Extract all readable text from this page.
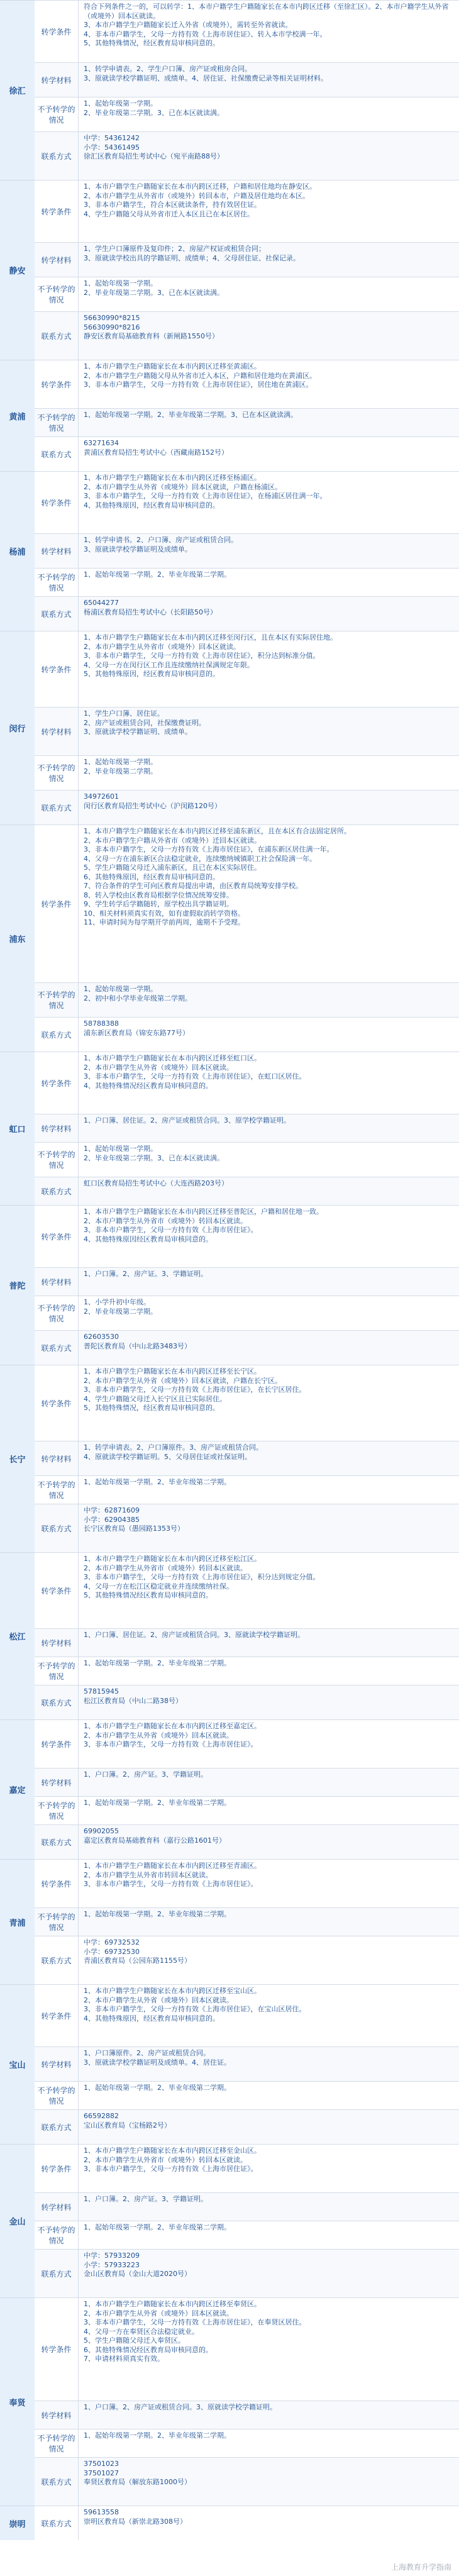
转学条件

符合下列条件之一的，可以转学：1、本市户籍学生户籍随家长在本市内跨区迁移（至徐汇区）。2、本市户籍学生从外省（或境外）回本区就读。

3、本市户籍学生户籍随家长迁入外省（或境外），需转至外省就读。

4、非本市户籍学生，父母一方持有效《上海市居住证》、转入本市学校满一年。

5、其他特殊情况，经区教育局审核同意的。

转学材料

1、转学申请表。2、学生户口簿、房产证或租房合同。

3、原就读学校学籍证明、成绩单。4、居住证、社保缴费记录等相关证明材料。

不予转学的情况

1、起始年级第一学期。

2、毕业年级第二学期。3、已在本区就读满。

联系方式

中学：54361242

小学：54361495

徐汇区教育局招生考试中心（宛平南路88号）

徐汇
转学条件

1、本市户籍学生户籍随家长在本市内跨区迁移，户籍和居住地均在静安区。

2、本市户籍学生从外省市（或境外）转回本市，户籍及居住地均在本区。

3、非本市户籍学生，符合本区就读条件，持有效居住证。

4、学生户籍随父母从外省市迁入本区且已在本区居住。

转学材料

1、学生户口簿原件及复印件；2、房屋产权证或租赁合同；

3、原就读学校出具的学籍证明、成绩单；4、父母居住证、社保记录。

不予转学的情况

1、起始年级第一学期。

2、毕业年级第二学期。3、已在本区就读满。

联系方式

56630990*8215

56630990*8216

静安区教育局基础教育科（新闸路1550号）

静安
转学条件

1、本市户籍学生户籍随家长在本市内跨区迁移至黄浦区。

2、本市户籍学生户籍随父母从外省市迁入本区，户籍和居住地均在黄浦区。

3、非本市户籍学生，父母一方持有效《上海市居住证》，居住地在黄浦区。

不予转学的情况

1、起始年级第一学期。2、毕业年级第二学期。3、已在本区就读满。

联系方式

63271634

黄浦区教育局招生考试中心（西藏南路152号）

黄浦
转学条件

1、本市户籍学生户籍随家长在本市内跨区迁移至杨浦区。

2、本市户籍学生从外省（或境外）回本区就读，户籍在杨浦区。

3、非本市户籍学生，父母一方持有效《上海市居住证》，在杨浦区居住满一年。

4、其他特殊原因，经区教育局审核同意的。

转学材料

1、转学申请书。2、户口簿、房产证或租赁合同。

3、原就读学校学籍证明及成绩单。

不予转学的情况

1、起始年级第一学期。2、毕业年级第二学期。

联系方式

65044277

杨浦区教育局招生考试中心（长阳路50号）

杨浦
转学条件

1、本市户籍学生户籍随家长在本市内跨区迁移至闵行区，且在本区有实际居住地。

2、本市户籍学生从外省市（或境外）回本区就读。

3、非本市户籍学生，父母一方持有效《上海市居住证》，积分达到标准分值。

4、父母一方在闵行区工作且连续缴纳社保满规定年限。

5、其他特殊原因，经区教育局审核同意的。

转学材料

1、学生户口簿、居住证。

2、房产证或租赁合同，社保缴费证明。

3、原就读学校学籍证明、成绩单。

不予转学的情况

1、起始年级第一学期。

2、毕业年级第二学期。

联系方式

34972601

闵行区教育局招生考试中心（沪闵路120号）

闵行
转学条件

1、本市户籍学生户籍随家长在本市内跨区迁移至浦东新区，且在本区有合法固定居所。

2、本市户籍学生户籍从外省市（或境外）迁回本区就读。

3、非本市户籍学生，父母一方持有效《上海市居住证》，在浦东新区居住满一年。

4、父母一方在浦东新区合法稳定就业，连续缴纳城镇职工社会保险满一年。

5、学生户籍随父母迁入浦东新区，且已在本区实际居住。

6、其他特殊原因，经区教育局审核同意的。

7、符合条件的学生可向区教育局提出申请，由区教育局统筹安排学校。

8、转入学校由区教育局根据学位情况统筹安排。

9、学生转学后学籍随转，原学校出具学籍证明。

10、相关材料须真实有效，如有虚假取消转学资格。

11、申请时间为每学期开学前两周，逾期不予受理。

不予转学的情况

1、起始年级第一学期。

2、初中和小学毕业年级第二学期。

联系方式

58788388

浦东新区教育局（锦安东路77号）

浦东
转学条件

1、本市户籍学生户籍随家长在本市内跨区迁移至虹口区。

2、本市户籍学生从外省（或境外）回本区就读。

3、非本市户籍学生，父母一方持有效《上海市居住证》，在虹口区居住。

4、其他特殊情况经区教育局审核同意的。

转学材料

1、户口簿、居住证。2、房产证或租赁合同。3、原学校学籍证明。

不予转学的情况

1、起始年级第一学期。

2、毕业年级第二学期。3、已在本区就读满。

联系方式

虹口区教育局招生考试中心（大连西路203号）

虹口
转学条件

1、本市户籍学生户籍随家长在本市内跨区迁移至普陀区，户籍和居住地一致。

2、本市户籍学生从外省市（或境外）转回本区就读。

3、非本市户籍学生，父母一方持有效《上海市居住证》。

4、其他特殊原因经区教育局审核同意的。

转学材料

1、户口簿。2、房产证。3、学籍证明。

不予转学的情况

1、小学升初中年级。

2、毕业年级第二学期。

联系方式

62603530

普陀区教育局（中山北路3483号）

普陀
转学条件

1、本市户籍学生户籍随家长在本市内跨区迁移至长宁区。

2、本市户籍学生从外省（或境外）回本区就读，户籍在长宁区。

3、非本市户籍学生，父母一方持有效《上海市居住证》，在长宁区居住。

4、学生户籍随父母迁入长宁区且已实际居住。

5、其他特殊情况，经区教育局审核同意的。

转学材料

1、转学申请表。2、户口簿原件。3、房产证或租赁合同。

4、原就读学校学籍证明。5、父母居住证或社保证明。

不予转学的情况

1、起始年级第一学期。2、毕业年级第二学期。

联系方式

中学：62871609

小学：62904385

长宁区教育局（愚园路1353号）

长宁
转学条件

1、本市户籍学生户籍随家长在本市内跨区迁移至松江区。

2、本市户籍学生从外省市（或境外）转回本区就读。

3、非本市户籍学生，父母一方持有效《上海市居住证》，积分达到规定分值。

4、父母一方在松江区稳定就业并连续缴纳社保。

5、其他特殊情况经区教育局审核同意的。

转学材料

1、户口簿、居住证。2、房产证或租赁合同。3、原就读学校学籍证明。

不予转学的情况

1、起始年级第一学期。2、毕业年级第二学期。

联系方式

57815945

松江区教育局（中山二路38号）

松江
转学条件

1、本市户籍学生户籍随家长在本市内跨区迁移至嘉定区。

2、本市户籍学生从外省（或境外）回本区就读。

3、非本市户籍学生，父母一方持有效《上海市居住证》。

转学材料

1、户口簿。2、房产证。3、学籍证明。

不予转学的情况

1、起始年级第一学期。2、毕业年级第二学期。

联系方式

69902055

嘉定区教育局基础教育科（嘉行公路1601号）

嘉定
转学条件

1、本市户籍学生户籍随家长在本市内跨区迁移至青浦区。

2、本市户籍学生从外省市转回本区就读。

3、非本市户籍学生，父母一方持有效《上海市居住证》。

不予转学的情况

1、起始年级第一学期。2、毕业年级第二学期。

联系方式

中学：69732532

小学：69732530

青浦区教育局（公园东路1155号）

青浦
转学条件

1、本市户籍学生户籍随家长在本市内跨区迁移至宝山区。

2、本市户籍学生从外省（或境外）回本区就读。

3、非本市户籍学生，父母一方持有效《上海市居住证》，在宝山区居住。

4、其他特殊原因，经区教育局审核同意的。

转学材料

1、户口簿原件。2、房产证或租赁合同。

3、原就读学校学籍证明及成绩单。4、居住证。

不予转学的情况

1、起始年级第一学期。2、毕业年级第二学期。

联系方式

66592882

宝山区教育局（宝杨路2号）

宝山
转学条件

1、本市户籍学生户籍随家长在本市内跨区迁移至金山区。

2、本市户籍学生从外省市（或境外）转回本区就读。

3、非本市户籍学生，父母一方持有效《上海市居住证》。

转学材料

1、户口簿。2、房产证。3、学籍证明。

不予转学的情况

1、起始年级第一学期。2、毕业年级第二学期。

联系方式

中学：57933209

小学：57933223

金山区教育局（金山大道2020号）

金山
转学条件

1、本市户籍学生户籍随家长在本市内跨区迁移至奉贤区。

2、本市户籍学生从外省（或境外）回本区就读。

3、非本市户籍学生，父母一方持有效《上海市居住证》，在奉贤区居住。

4、父母一方在奉贤区合法稳定就业。

5、学生户籍随父母迁入奉贤区。

6、其他特殊情况经区教育局审核同意的。

7、申请材料须真实有效。

转学材料

1、户口簿。2、房产证或租赁合同。3、原就读学校学籍证明。

不予转学的情况

1、起始年级第一学期。2、毕业年级第二学期。

联系方式

37501023

37501027

奉贤区教育局（解放东路1000号）

奉贤
联系方式

59613558

崇明区教育局（新崇北路308号）

崇明
上海教育升学指南
